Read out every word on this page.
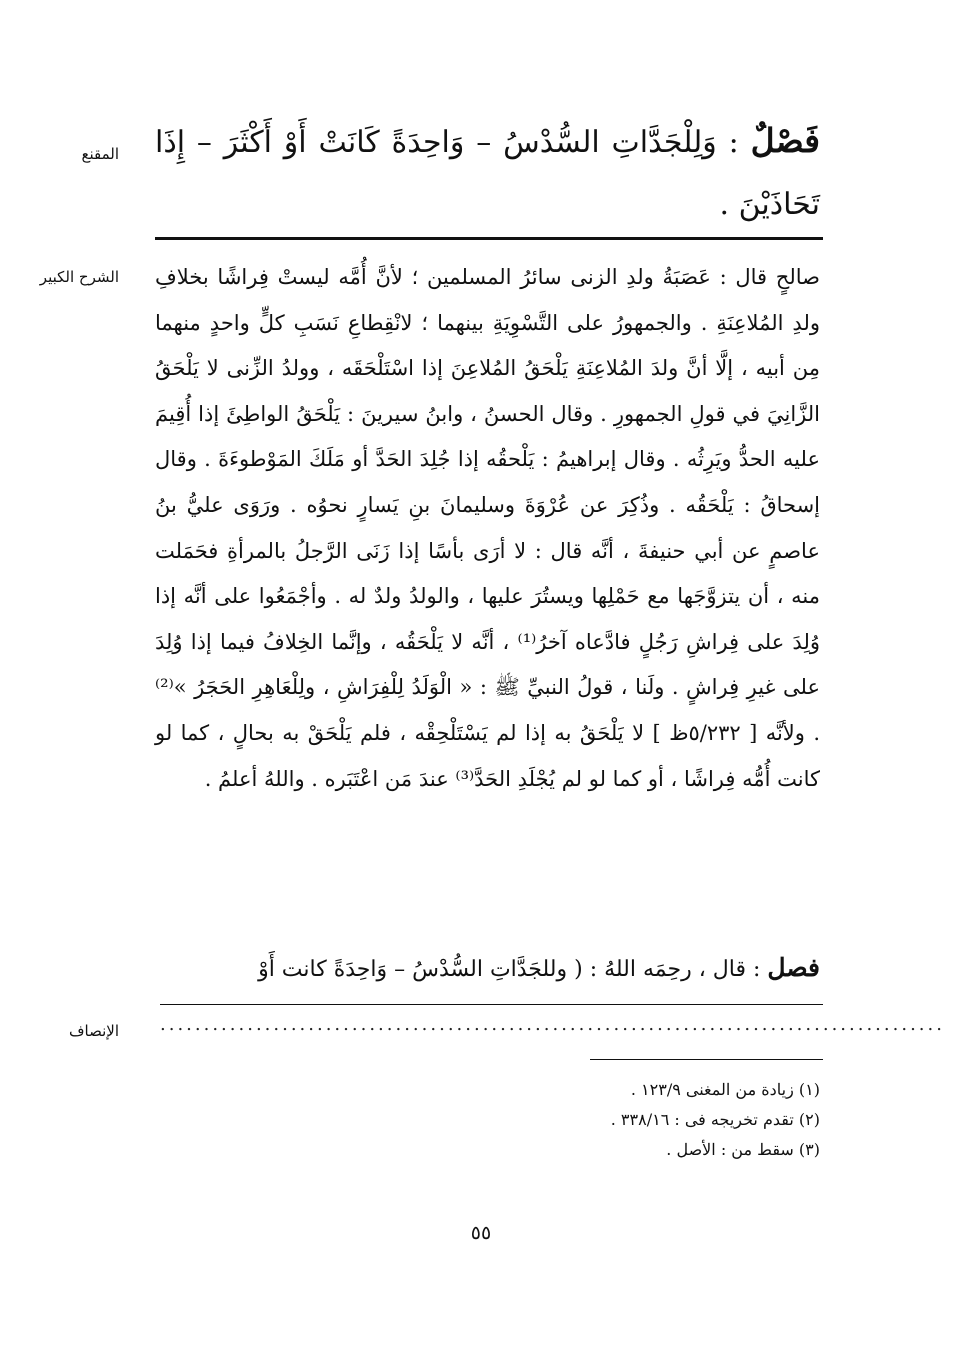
المقنع	فَصْلٌ : وَلِلْجَدَّاتِ السُّدْسُ – وَاحِدَةً كَانَتْ أَوْ أَكْثَرَ – إِذَا تَحَاذَيْنَ .
الشرح الكبير صالحٍ قال : عَصَبَةُ ولدِ الزنى سائرُ المسلمين ؛ لأنَّ أُمَّه ليستْ فِراشًا بخلافِ ولدِ المُلاعِنَةِ . والجمهورُ على التَّسْوِيَةِ بينهما ؛ لانْقِطاعِ نَسَبِ كلٍّ واحدٍ منهما مِن أبيه ، إلَّا أنَّ ولدَ المُلاعِنَةِ يَلْحَقُ المُلاعِنَ إذا اسْتَلْحَقَه ، وولدُ الزِّنى لا يَلْحَقُ الزَّانِيَ في قولِ الجمهورِ . وقال الحسنُ ، وابنُ سيرينَ : يَلْحَقُ الواطِئَ إذا أُقِيمَ عليه الحدُّ ويَرِثُه . وقال إبراهيمُ : يَلْحقُه إذا جُلِدَ الحَدَّ أو مَلَكَ المَوْطوءَةَ . وقال إسحاقُ : يَلْحَقُه . وذُكِرَ عن عُرْوَةَ وسليمانَ بنِ يَسارٍ نحوُه . ورَوَى عليُّ بنُ عاصمٍ عن أبي حنيفةَ ، أنَّه قال : لا أرَى بأسًا إذا زَنَى الرَّجلُ بالمرأةِ فحَمَلت منه ، أن يتزوَّجَها مع حَمْلِها ويستُرَ عليها ، والولدُ ولدٌ له . وأجْمَعُوا على أنَّه إذا وُلِدَ على فِراشِ رَجُلٍ فادَّعاه آخرُ⁽¹⁾ ، أنَّه لا يَلْحَقُه ، وإنَّما الخِلافُ فيما إذا وُلِدَ على غيرِ فِراشٍ . ولَنا ، قولُ النبيِّ ﷺ : « الْوَلَدُ لِلْفِرَاشِ ، ولِلْعَاهِرِ الحَجَرُ »⁽²⁾ . ولأنَّه [ ٥/٢٣٢ظ ] لا يَلْحَقُ به إذا لم يَسْتَلْحِقْه ، فلم يَلْحَقْ به بحالٍ ، كما لو كانت أُمُّه فِراشًا ، أو كما لو لم يُجْلَدِ الحَدَّ⁽³⁾ عندَ مَن اعْتَبَره . واللهُ أعلمُ .

فصل : قال ، رحِمَه اللهُ : ( وللجَدَّاتِ السُّدْسُ – وَاحِدَةً كانت أَوْ
..........................................................................................
الإنصاف
(١) زيادة من المغنى ١٢٣/٩ .
(٢) تقدم تخريجه فى : ٣٣٨/١٦ .
(٣) سقط من : الأصل .
٥٥
